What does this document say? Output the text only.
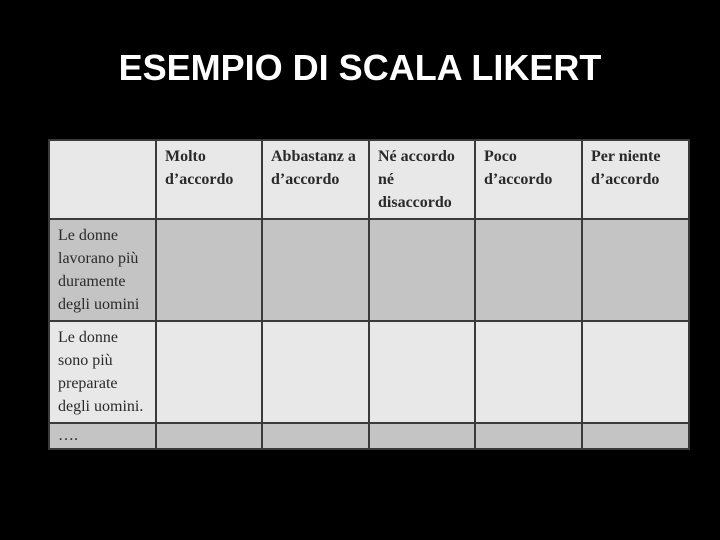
ESEMPIO DI SCALA LIKERT
	Molto d’accordo	Abbastanz a d’accordo	Né accordo né disaccordo	Poco d’accordo	Per niente d’accordo
Le donne lavorano più duramente degli uomini					
Le donne sono più preparate degli uomini.					
….					
